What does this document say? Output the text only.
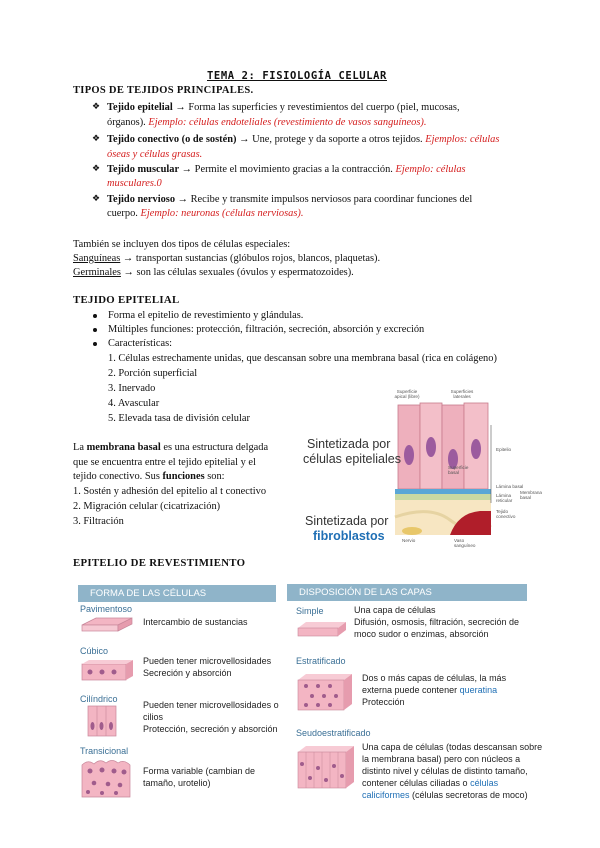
TEMA 2: FISIOLOGÍA CELULAR
TIPOS DE TEJIDOS PRINCIPALES.
❖ Tejido epitelial → Forma las superficies y revestimientos del cuerpo (piel, mucosas,
órganos). Ejemplo: células endoteliales (revestimiento de vasos sanguíneos).
❖ Tejido conectivo (o de sostén) → Une, protege y da soporte a otros tejidos. Ejemplos: células
óseas y células grasas.
❖ Tejido muscular → Permite el movimiento gracias a la contracción. Ejemplo: células
musculares.0
❖ Tejido nervioso → Recibe y transmite impulsos nerviosos para coordinar funciones del
cuerpo. Ejemplo: neuronas (células nerviosas).
También se incluyen dos tipos de células especiales:
Sanguíneas → transportan sustancias (glóbulos rojos, blancos, plaquetas).
Germinales → son las células sexuales (óvulos y espermatozoides).
TEJIDO EPITELIAL
Forma el epitelio de revestimiento y glándulas.
Múltiples funciones: protección, filtración, secreción, absorción y excreción
Características:
1. Células estrechamente unidas, que descansan sobre una membrana basal (rica en colágeno)
2. Porción superficial
3. Inervado
4. Avascular
5. Elevada tasa de división celular
La membrana basal es una estructura delgada
que se encuentra entre el tejido epitelial y el
tejido conectivo. Sus funciones son:
1. Sostén y adhesión del epitelio al t conectivo
2. Migración celular (cicatrización)
3. Filtración
Superficie apical (libre)
Superficies laterales
Superficie basal
Epitelio
Lámina basal
Lámina reticular
Membrana basal
Tejido conectivo
Nervio	Vaso sanguíneo
Sintetizada por
células epiteliales
Sintetizada por
fibroblastos
EPITELIO DE REVESTIMIENTO
FORMA DE LAS CÉLULAS
Pavimentoso
Intercambio de sustancias
Cúbico
Pueden tener microvellosidades
Secreción y absorción
Cilíndrico
Pueden tener microvellosidades o
cilios
Protección, secreción y absorción
Transicional
Forma variable (cambian de
tamaño, urotelio)
DISPOSICIÓN DE LAS CAPAS
Simple	Una capa de células
Difusión, osmosis, filtración, secreción de
moco sudor o enzimas, absorción
Estratificado
Dos o más capas de células, la más
externa puede contener queratina
Protección
Seudoestratificado
Una capa de células (todas descansan sobre
la membrana basal) pero con núcleos a
distinto nivel y células de distinto tamaño,
contener células ciliadas o células
caliciformes (células secretoras de moco)
